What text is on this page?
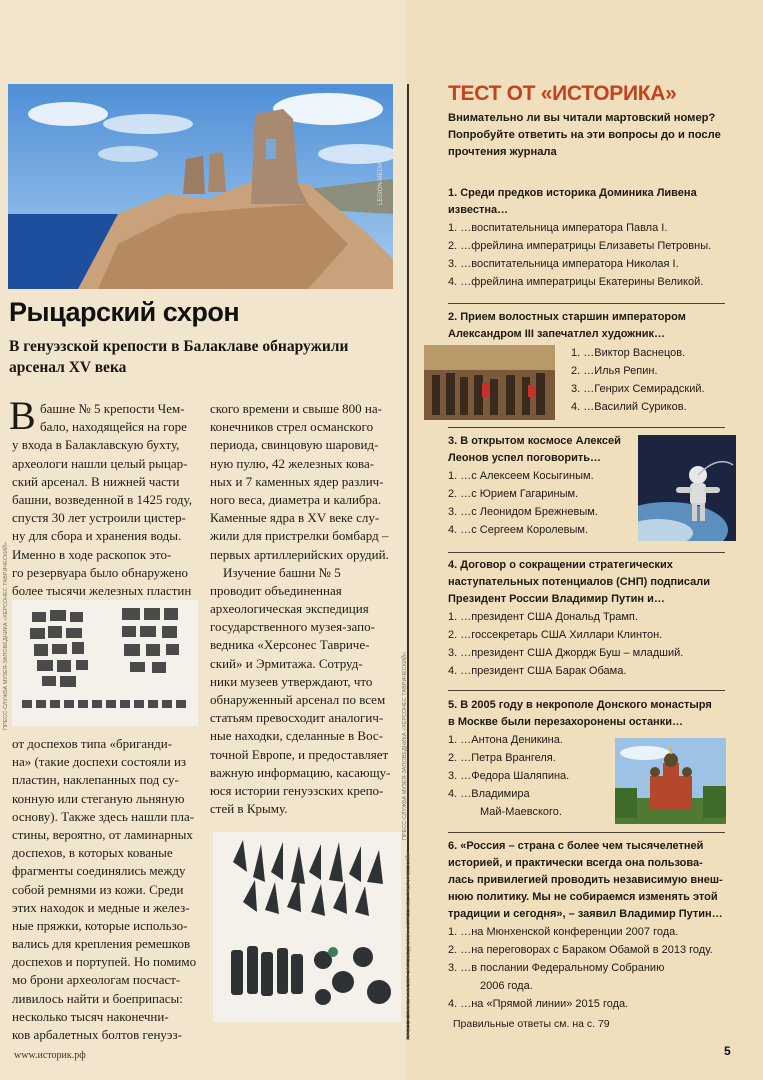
LEGION-MEDIA
Рыцарский схрон
В генуэзской крепости в Балаклаве обнаружили арсенал XV века
В башне № 5 крепости Чем-
бало, находящейся на горе
у входа в Балаклавскую бухту,
археологи нашли целый рыцар-
ский арсенал. В нижней части
башни, возведенной в 1425 году,
спустя 30 лет устроили цистер-
ну для сбора и хранения воды.
Именно в ходе раскопок это-
го резервуара было обнаружено
более тысячи железных пластин
ПРЕСС-СЛУЖБА МУЗЕЯ-ЗАПОВЕДНИКА «ХЕРСОНЕС ТАВРИЧЕСКИЙ»
от доспехов типа «бриганди-
на» (такие доспехи состояли из
пластин, наклепанных под су-
конную или стеганую льняную
основу). Также здесь нашли пла-
стины, вероятно, от ламинарных
доспехов, в которых кованые
фрагменты соединялись между
собой ремнями из кожи. Среди
этих находок и медные и желез-
ные пряжки, которые использо-
вались для крепления ремешков
доспехов и портупей. Но помимо
мо брони археологам посчаст-
ливилось найти и боеприпасы:
несколько тысяч наконечни-
ков арбалетных болтов генуэз-
ского времени и свыше 800 на-
конечников стрел османского
периода, свинцовую шаровид-
ную пулю, 42 железных кова-
ных и 7 каменных ядер различ-
ного веса, диаметра и калибра.
Каменные ядра в XV веке слу-
жили для пристрелки бомбард –
первых артиллерийских орудий.
Изучение башни № 5
проводит объединенная
археологическая экспедиция
государственного музея-запо-
ведника «Херсонес Тавриче-
ский» и Эрмитажа. Сотруд-
ники музеев утверждают, что
обнаруженный арсенал по всем
статьям превосходит аналогич-
ные находки, сделанные в Вос-
точной Европе, и предоставляет
важную информацию, касающу-
юся истории генуэзских крепо-
стей в Крыму.
ПРЕСС-СЛУЖБА МУЗЕЯ-ЗАПОВЕДНИКА «ХЕРСОНЕС ТАВРИЧЕСКИЙ»
ПРЕСС-СЛУЖБА МУЗЕЯ-ЗАПОВЕДНИКА «ХЕРСОНЕС ТАВРИЧЕСКИЙ»
www.историк.рф
ТЕСТ ОТ «ИСТОРИКА»
Внимательно ли вы читали мартовский номер?
Попробуйте ответить на эти вопросы до и после
прочтения журнала
1. Среди предков историка Доминика Ливена
известна…
1. …воспитательница императора Павла I.
2. …фрейлина императрицы Елизаветы Петровны.
3. …воспитательница императора Николая I.
4. …фрейлина императрицы Екатерины Великой.
2. Прием волостных старшин императором
Александром III запечатлел художник…
1. …Виктор Васнецов.
2. …Илья Репин.
3. …Генрих Семирадский.
4. …Василий Суриков.
3. В открытом космосе Алексей
Леонов успел поговорить…
1. …с Алексеем Косыгиным.
2. …с Юрием Гагариным.
3. …с Леонидом Брежневым.
4. …с Сергеем Королевым.
4. Договор о сокращении стратегических
наступательных потенциалов (СНП) подписали
Президент России Владимир Путин и…
1. …президент США Дональд Трамп.
2. …госсекретарь США Хиллари Клинтон.
3. …президент США Джордж Буш – младший.
4. …президент США Барак Обама.
5. В 2005 году в некрополе Донского монастыря
в Москве были перезахоронены останки…
1. …Антона Деникина.
2. …Петра Врангеля.
3. …Федора Шаляпина.
4. …Владимира
Май-Маевского.
6. «Россия – страна с более чем тысячелетней
историей, и практически всегда она пользова-
лась привилегией проводить независимую внеш-
нюю политику. Мы не собираемся изменять этой
традиции и сегодня», – заявил Владимир Путин…
1. …на Мюнхенской конференции 2007 года.
2. …на переговорах с Бараком Обамой в 2013 году.
3. …в послании Федеральному Собранию
2006 года.
4. …на «Прямой линии» 2015 года.
Правильные ответы см. на с. 79
5
